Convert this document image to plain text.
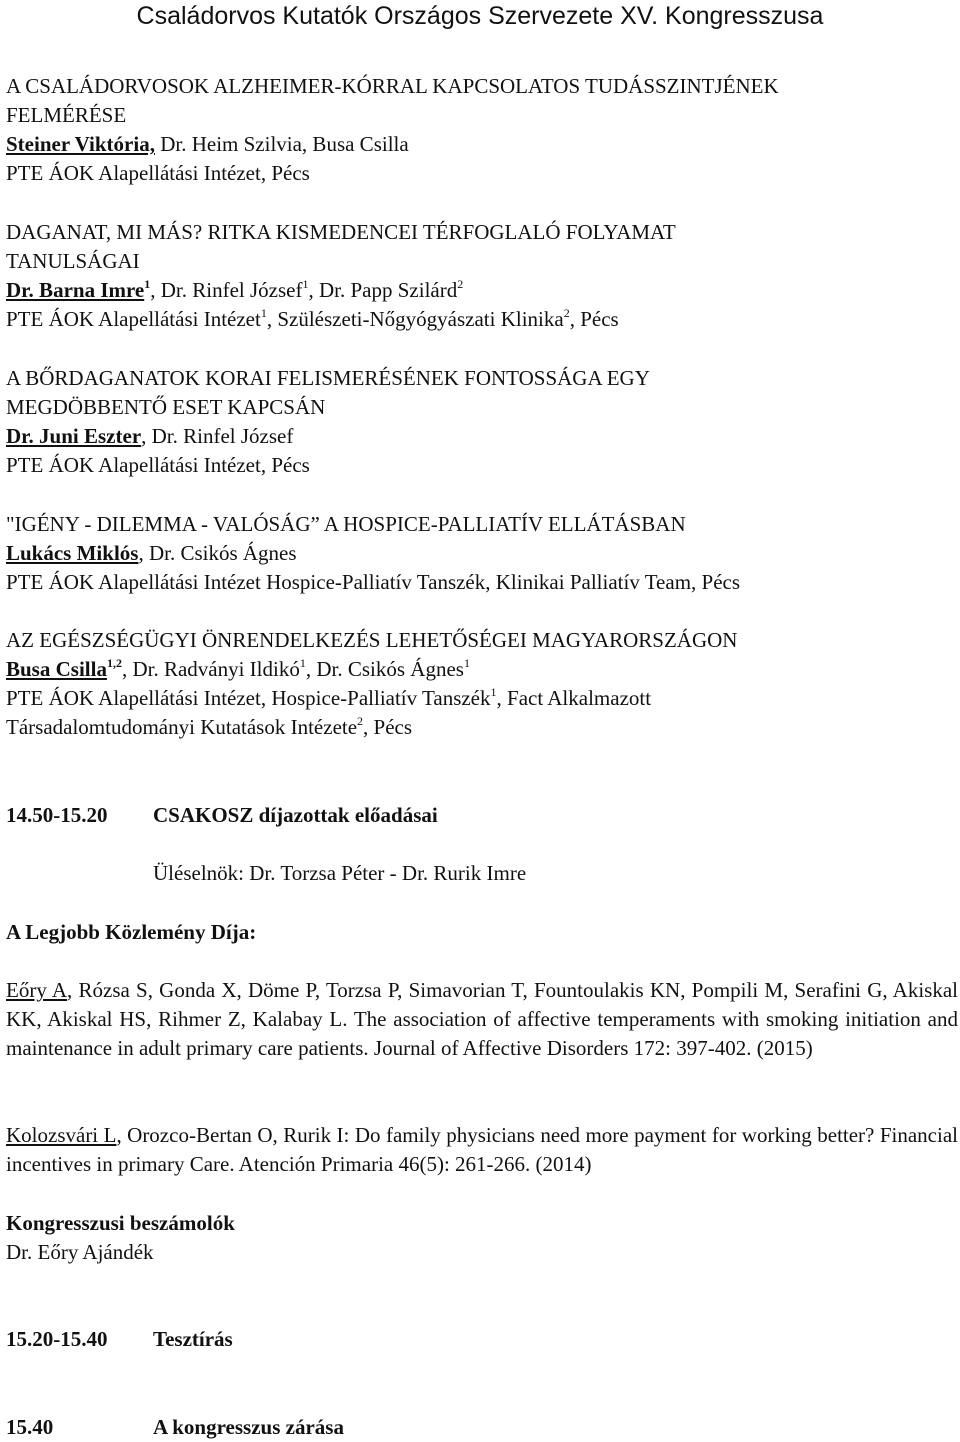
Családorvos Kutatók Országos Szervezete XV. Kongresszusa
A CSALÁDORVOSOK ALZHEIMER-KÓRRAL KAPCSOLATOS TUDÁSSZINTJÉNEK
FELMÉRÉSE
Steiner Viktória, Dr. Heim Szilvia, Busa Csilla
PTE ÁOK Alapellátási Intézet, Pécs
DAGANAT, MI MÁS? RITKA KISMEDENCEI TÉRFOGLALÓ FOLYAMAT
TANULSÁGAI
Dr. Barna Imre$^1$, Dr. Rinfel József$^1$, Dr. Papp Szilárd$^2$
PTE ÁOK Alapellátási Intézet$^1$, Szülészeti-Nőgyógyászati Klinika$^2$, Pécs
A BŐRDAGANATOK KORAI FELISMERÉSÉNEK FONTOSSÁGA EGY
MEGDÖBBENTŐ ESET KAPCSÁN
Dr. Juni Eszter, Dr. Rinfel József
PTE ÁOK Alapellátási Intézet, Pécs
"IGÉNY - DILEMMA - VALÓSÁG” A HOSPICE-PALLIATÍV ELLÁTÁSBAN
Lukács Miklós, Dr. Csikós Ágnes
PTE ÁOK Alapellátási Intézet Hospice-Palliatív Tanszék, Klinikai Palliatív Team, Pécs
AZ EGÉSZSÉGÜGYI ÖNRENDELKEZÉS LEHETŐSÉGEI MAGYARORSZÁGON
Busa Csilla$^{1,2}$, Dr. Radványi Ildikó$^1$, Dr. Csikós Ágnes$^1$
PTE ÁOK Alapellátási Intézet, Hospice-Palliatív Tanszék$^1$, Fact Alkalmazott
Társadalomtudományi Kutatások Intézete$^2$, Pécs
14.50-15.20 CSAKOSZ díjazottak előadásai
Üléselnök: Dr. Torzsa Péter - Dr. Rurik Imre
A Legjobb Közlemény Díja:
Eőry A, Rózsa S, Gonda X, Döme P, Torzsa P, Simavorian T, Fountoulakis KN, Pompili M, Serafini G, Akiskal KK, Akiskal HS, Rihmer Z, Kalabay L. The association of affective temperaments with smoking initiation and maintenance in adult primary care patients. Journal of Affective Disorders 172: 397-402. (2015)
Kolozsvári L, Orozco-Bertan O, Rurik I: Do family physicians need more payment for working better? Financial incentives in primary Care. Atención Primaria 46(5): 261-266. (2014)
Kongresszusi beszámolók
Dr. Eőry Ajándék
15.20-15.40 Tesztírás
15.40	A kongresszus zárása
